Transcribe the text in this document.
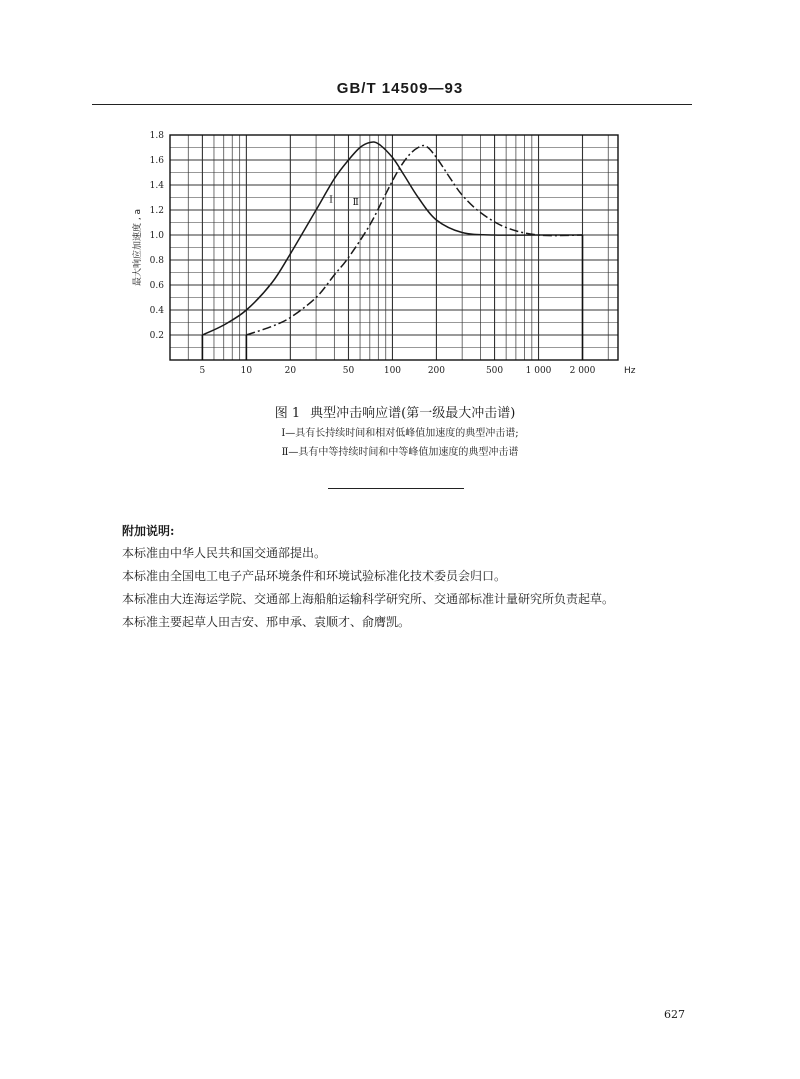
GB/T 14509—93
0.2
0.4
0.6
0.8
1.0
1.2
1.4
1.6
1.8
5	10	20	50	100	200	500 1 000 2 000	Hz
最大响应加速度 , a
Ⅰ Ⅱ
图 1 典型冲击响应谱(第一级最大冲击谱)
Ⅰ—具有长持续时间和相对低峰值加速度的典型冲击谱;
Ⅱ—具有中等持续时间和中等峰值加速度的典型冲击谱
附加说明:
本标准由中华人民共和国交通部提出。
本标准由全国电工电子产品环境条件和环境试验标准化技术委员会归口。
本标准由大连海运学院、交通部上海船舶运输科学研究所、交通部标准计量研究所负责起草。
本标准主要起草人田吉安、邢申承、袁顺才、俞膺凯。
627
